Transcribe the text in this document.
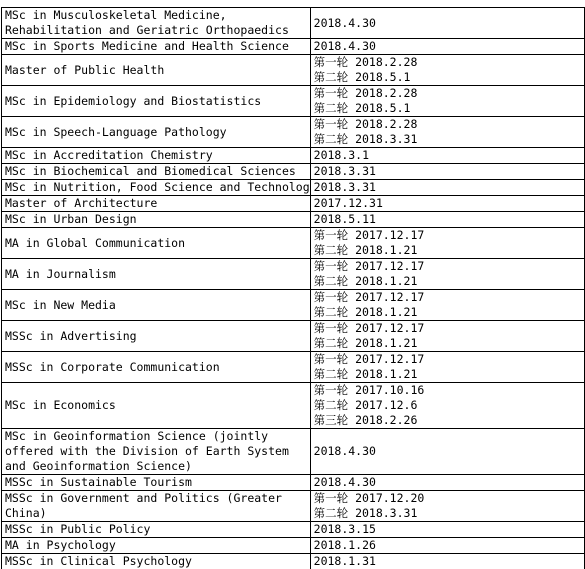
MSc in Musculoskeletal Medicine,
Rehabilitation and Geriatric Orthopaedics	2018.4.30

MSc in Sports Medicine and Health Science	2018.4.30

Master of Public Health	第一轮 2018.2.28
第二轮 2018.5.1

MSc in Epidemiology and Biostatistics	第一轮 2018.2.28
第二轮 2018.5.1

MSc in Speech-Language Pathology	第一轮 2018.2.28
第二轮 2018.3.31

MSc in Accreditation Chemistry	2018.3.1

MSc in Biochemical and Biomedical Sciences	2018.3.31

MSc in Nutrition, Food Science and Technolog	2018.3.31

Master of Architecture	2017.12.31

MSc in Urban Design	2018.5.11

MA in Global Communication	第一轮 2017.12.17
第二轮 2018.1.21

MA in Journalism	第一轮 2017.12.17
第二轮 2018.1.21

MSc in New Media	第一轮 2017.12.17
第二轮 2018.1.21

MSSc in Advertising	第一轮 2017.12.17
第二轮 2018.1.21

MSSc in Corporate Communication	第一轮 2017.12.17
第二轮 2018.1.21

MSc in Economics	第一轮 2017.10.16
第二轮 2017.12.6
第三轮 2018.2.26

MSc in Geoinformation Science (jointly
offered with the Division of Earth System
and Geoinformation Science)	2018.4.30

MSSc in Sustainable Tourism	2018.4.30

MSSc in Government and Politics (Greater
China)	第一轮 2017.12.20
第二轮 2018.3.31

MSSc in Public Policy	2018.3.15

MA in Psychology	2018.1.26

MSSc in Clinical Psychology	2018.1.31
